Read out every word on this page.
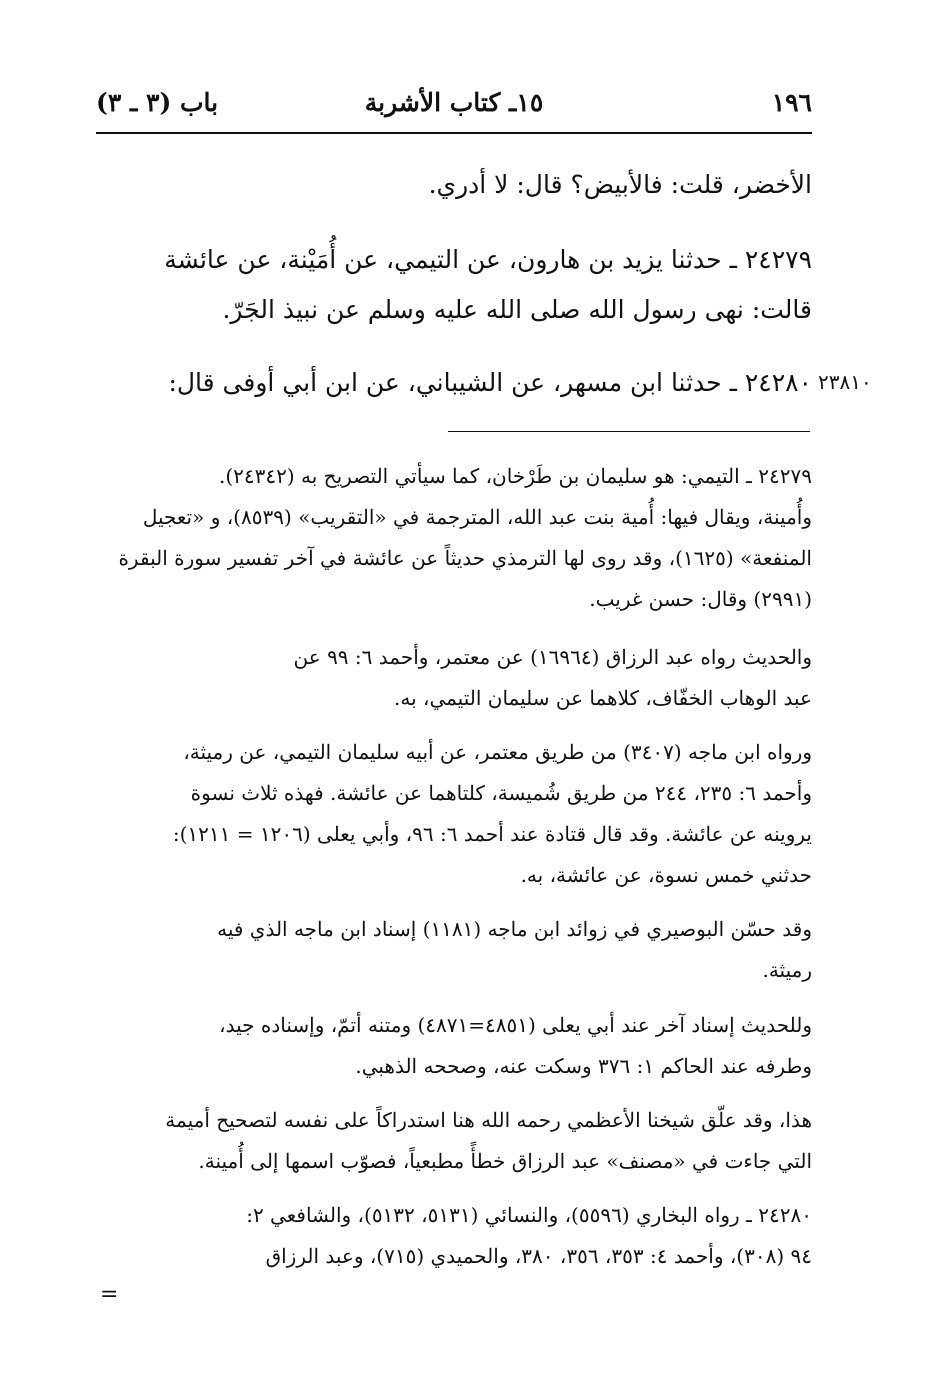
١٩٦
١٥ـ كتاب الأشربة
باب (٣ ـ ٣)
الأخضر، قلت: فالأبيض؟ قال: لا أدري.
٢٤٢٧٩ ـ حدثنا يزيد بن هارون، عن التيمي، عن أُمَيْنة، عن عائشة
قالت: نهى رسول الله صلى الله عليه وسلم عن نبيذ الجَرّ.
٢٤٢٨٠ ـ حدثنا ابن مسهر، عن الشيباني، عن ابن أبي أوفى قال: ٢٣٨١٠
٢٤٢٧٩ ـ التيمي: هو سليمان بن طَرْخان، كما سيأتي التصريح به (٢٤٣٤٢).
وأُمينة، ويقال فيها: أُمية بنت عبد الله، المترجمة في «التقريب» (٨٥٣٩)، و «تعجيل
المنفعة» (١٦٢٥)، وقد روى لها الترمذي حديثاً عن عائشة في آخر تفسير سورة البقرة
(٢٩٩١) وقال: حسن غريب.
والحديث رواه عبد الرزاق (١٦٩٦٤) عن معتمر، وأحمد ٦: ٩٩ عن
عبد الوهاب الخفّاف، كلاهما عن سليمان التيمي، به.
ورواه ابن ماجه (٣٤٠٧) من طريق معتمر، عن أبيه سليمان التيمي، عن رميثة،
وأحمد ٦: ٢٣٥، ٢٤٤ من طريق شُميسة، كلتاهما عن عائشة. فهذه ثلاث نسوة
يروينه عن عائشة. وقد قال قتادة عند أحمد ٦: ٩٦، وأبي يعلى (١٢٠٦ = ١٢١١):
حدثني خمس نسوة، عن عائشة، به.
وقد حسّن البوصيري في زوائد ابن ماجه (١١٨١) إسناد ابن ماجه الذي فيه
رميثة.
وللحديث إسناد آخر عند أبي يعلى (٤٨٥١=٤٨٧١) ومتنه أتمّ، وإسناده جيد،
وطرفه عند الحاكم ١: ٣٧٦ وسكت عنه، وصححه الذهبي.
هذا، وقد علّق شيخنا الأعظمي رحمه الله هنا استدراكاً على نفسه لتصحيح أميمة
التي جاءت في «مصنف» عبد الرزاق خطأً مطبعياً، فصوّب اسمها إلى أُمينة.
٢٤٢٨٠ ـ رواه البخاري (٥٥٩٦)، والنسائي (٥١٣١، ٥١٣٢)، والشافعي ٢:
٩٤ (٣٠٨)، وأحمد ٤: ٣٥٣، ٣٥٦، ٣٨٠، والحميدي (٧١٥)، وعبد الرزاق
=
